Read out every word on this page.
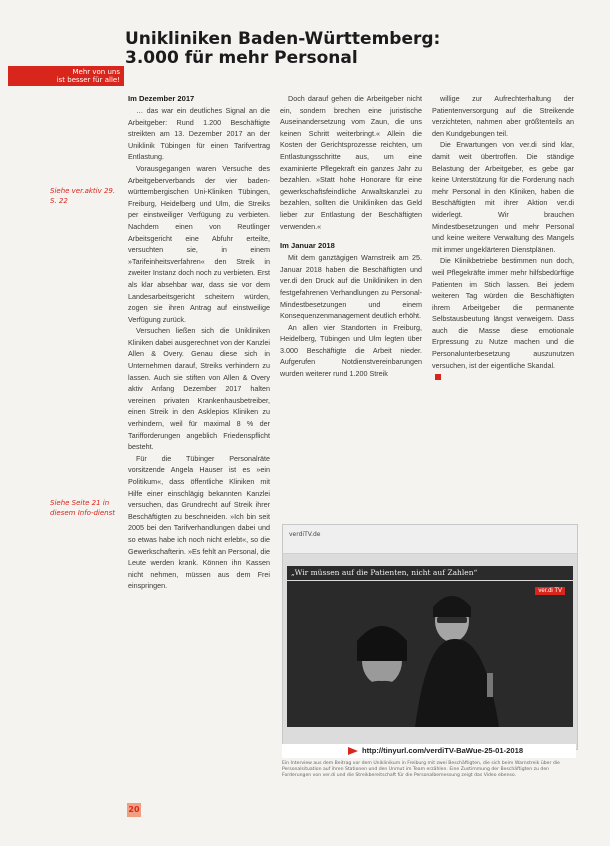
Unikliniken Baden-Württemberg:
3.000 für mehr Personal
Mehr von uns
ist besser für alle!
Siehe ver.aktiv 29. S. 22
Siehe Seite 21 in diesem Info-dienst
Im Dezember 2017

… das war ein deutliches Signal an die Arbeitgeber: Rund 1.200 Beschäftigte streikten am 13. Dezember 2017 an der Uniklinik Tübingen für einen Tarifvertrag Entlastung.

Vorausgegangen waren Versuche des Arbeitgeberverbands der vier baden-württembergischen Uni-Kliniken Tübingen, Freiburg, Heidelberg und Ulm, die Streiks per einstweiliger Verfügung zu verbieten. Nachdem einen von Reutlinger Arbeitsgericht eine Abfuhr erteilte, versuchten sie, in einem »Tarifeinheitsverfahren« den Streik in zweiter Instanz doch noch zu verbieten. Erst als klar absehbar war, dass sie vor dem Landesarbeitsgericht scheitern würden, zogen sie ihren Antrag auf einstweilige Verfügung zurück.

Versuchen ließen sich die Unikliniken Kliniken dabei ausgerechnet von der Kanzlei Allen & Overy. Genau diese sich in Unternehmen darauf, Streiks verhindern zu lassen. Auch sie stiften von Allen & Overy aktiv Anfang Dezember 2017 halten vereinen privaten Krankenhausbetreiber, einen Streik in den Asklepios Kliniken zu verhindern, weil für maximal 8 % der Tarifforderungen angeblich Friedenspflicht besteht.

Für die Tübinger Personalräte vorsitzende Angela Hauser ist es »ein Politikum«, dass öffentliche Kliniken mit Hilfe einer einschlägig bekannten Kanzlei versuchen, das Grundrecht auf Streik ihrer Beschäftigten zu beschneiden. »Ich bin seit 2005 bei den Tarifverhandlungen dabei und so etwas habe ich noch nicht erlebt«, so die Gewerkschafterin. »Es fehlt an Personal, die Leute werden krank. Können ihn Kassen nicht nehmen, müssen aus dem Frei einspringen.

Doch darauf gehen die Arbeitgeber nicht ein, sondern brechen eine juristische Auseinandersetzung vom Zaun, die uns keinen Schritt weiterbringt.« Allein die Kosten der Gerichtsprozesse reichten, um Entlastungsschritte aus, um eine examinierte Pflegekraft ein ganzes Jahr zu bezahlen. »Statt hohe Honorare für eine gewerkschaftsfeindliche Anwaltskanzlei zu bezahlen, sollten die Unikliniken das Geld lieber zur Entlastung der Beschäftigten verwenden.«

Im Januar 2018

Mit dem ganztägigen Warnstreik am 25. Januar 2018 haben die Beschäftigten und ver.di den Druck auf die Unikliniken in den festgefahrenen Verhandlungen zu Personal-Mindestbesetzungen und einem Konsequenzenmanagement deutlich erhöht.

An allen vier Standorten in Freiburg, Heidelberg, Tübingen und Ulm legten über 3.000 Beschäftigte die Arbeit nieder. Aufgerufen Notdienstvereinbarungen wurden weiterer rund 1.200 Streik

willige zur Aufrechterhaltung der Patientenversorgung auf die Streikende verzichteten, nahmen aber größtenteils an den Kundgebungen teil.

Die Erwartungen von ver.di sind klar, damit weit übertroffen. Die ständige Belastung der Arbeitgeber, es gebe gar keine Unterstützung für die Forderung nach mehr Personal in den Kliniken, haben die Beschäftigten mit ihrer Aktion ver.di widerlegt. Wir brauchen Mindestbesetzungen und mehr Personal und keine weitere Verwaltung des Mangels mit immer ungeklärteren Dienstplänen.

Die Klinikbetriebe bestimmen nun doch, weil Pflegekräfte immer mehr hilfsbedürftige Patienten im Stich lassen. Bei jedem weiteren Tag würden die Beschäftigten ihrem Arbeitgeber die permanente Selbstausbeutung längst verweigern. Dass auch die Masse diese emotionale Erpressung zu Nutze machen und die Personalunterbesetzung auszunutzen versuchen, ist der eigentliche Skandal.

verdiTV.de
„Wir müssen auf die Patienten, nicht auf Zahlen“
ver.di TV
http://tinyurl.com/verdiTV-BaWue-25-01-2018
Ein Interview aus dem Beitrag vor dem Uniklinikum in Freiburg mit zwei Beschäftigten, die sich beim Warnstreik über die Personalsituation auf ihren Stationen und den Unmut im Team erzählen. Eine Zustimmung der Beschäftigten zu den Forderungen von ver.di und die Streikbereitschaft für die Personalbemessung zeigt das Video ebenso.
20
